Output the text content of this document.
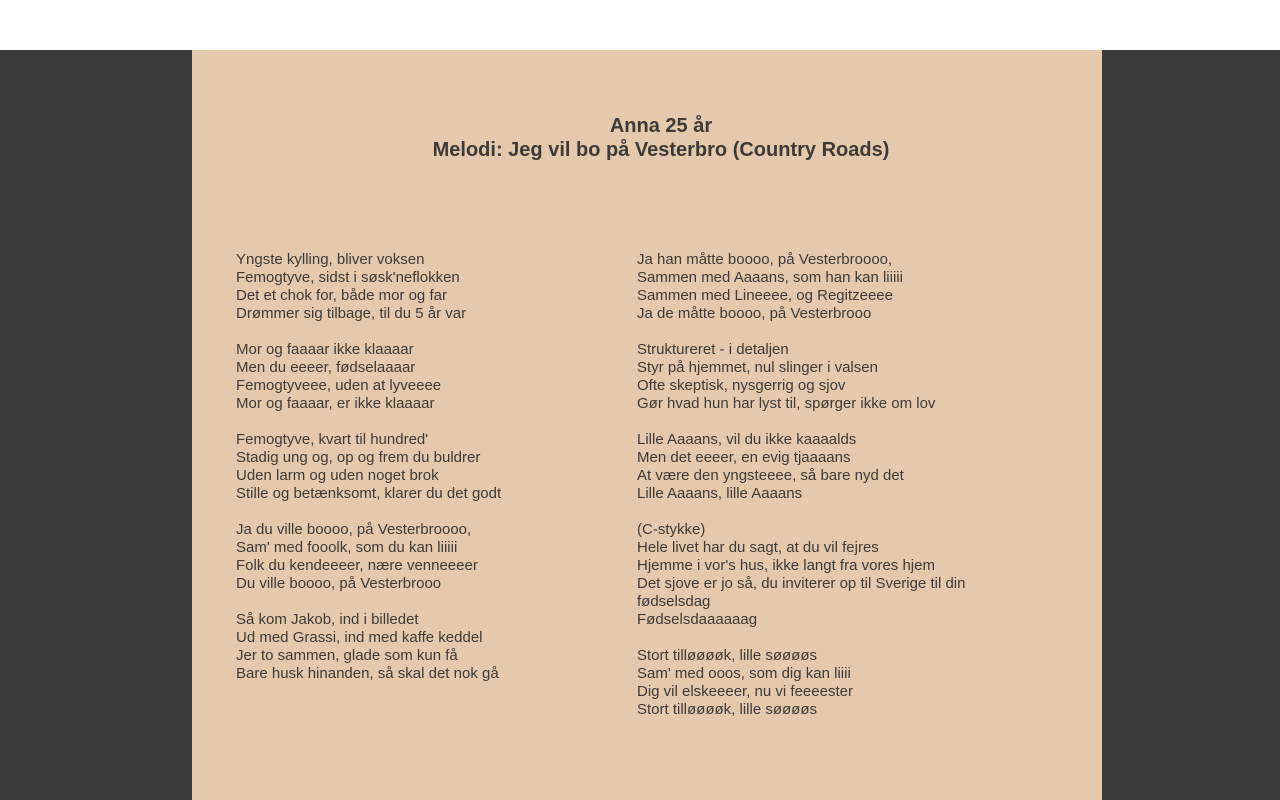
Anna 25 år
Melodi: Jeg vil bo på Vesterbro (Country Roads)
Yngste kylling, bliver voksen
Femogtyve, sidst i søsk'neflokken
Det et chok for, både mor og far
Drømmer sig tilbage, til du 5 år var
Mor og faaaar ikke klaaaar
Men du eeeer, fødselaaaar
Femogtyveee, uden at lyveeee
Mor og faaaar, er ikke klaaaar
Femogtyve, kvart til hundred'
Stadig ung og, op og frem du buldrer
Uden larm og uden noget brok
Stille og betænksomt, klarer du det godt
Ja du ville boooo, på Vesterbroooo,
Sam' med fooolk, som du kan liiiii
Folk du kendeeeer, nære venneeeer
Du ville boooo, på Vesterbrooo
Så kom Jakob, ind i billedet
Ud med Grassi, ind med kaffe keddel
Jer to sammen, glade som kun få
Bare husk hinanden, så skal det nok gå
Ja han måtte boooo, på Vesterbroooo,
Sammen med Aaaans, som han kan liiiii
Sammen med Lineeee, og Regitzeeee
Ja de måtte boooo, på Vesterbrooo
Struktureret - i detaljen
Styr på hjemmet, nul slinger i valsen
Ofte skeptisk, nysgerrig og sjov
Gør hvad hun har lyst til, spørger ikke om lov
Lille Aaaans, vil du ikke kaaaalds
Men det eeeer, en evig tjaaaans
At være den yngsteeee, så bare nyd det
Lille Aaaans, lille Aaaans
(C-stykke)
Hele livet har du sagt, at du vil fejres
Hjemme i vor's hus, ikke langt fra vores hjem
Det sjove er jo så, du inviterer op til Sverige til din fødselsdag
Fødselsdaaaaaag
Stort tilløøøøk, lille søøøøs
Sam' med ooos, som dig kan liiii
Dig vil elskeeeer, nu vi feeeester
Stort tilløøøøk, lille søøøøs
